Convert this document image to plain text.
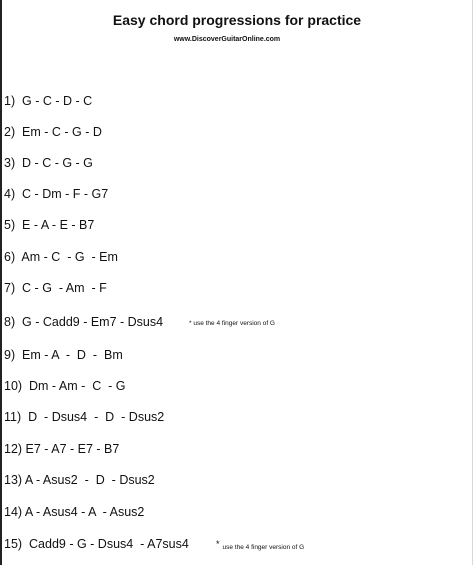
Easy chord progressions for practice
www.DiscoverGuitarOnline.com
1)  G - C - D - C
2)  Em - C - G - D
3)  D - C - G - G
4)  C - Dm - F - G7
5)  E - A - E - B7
6)  Am - C  - G  - Em
7)  C - G  - Am  - F
8)  G - Cadd9 - Em7 - Dsus4	* use the 4 finger version of G
9)  Em - A  -  D  -  Bm
10)  Dm - Am -  C  - G
11)  D  - Dsus4  -  D  - Dsus2
12) E7 - A7 - E7 - B7
13) A - Asus2  -  D  - Dsus2
14) A - Asus4 - A  - Asus2
15)  Cadd9 - G - Dsus4  - A7sus4	* use the 4 finger version of G
